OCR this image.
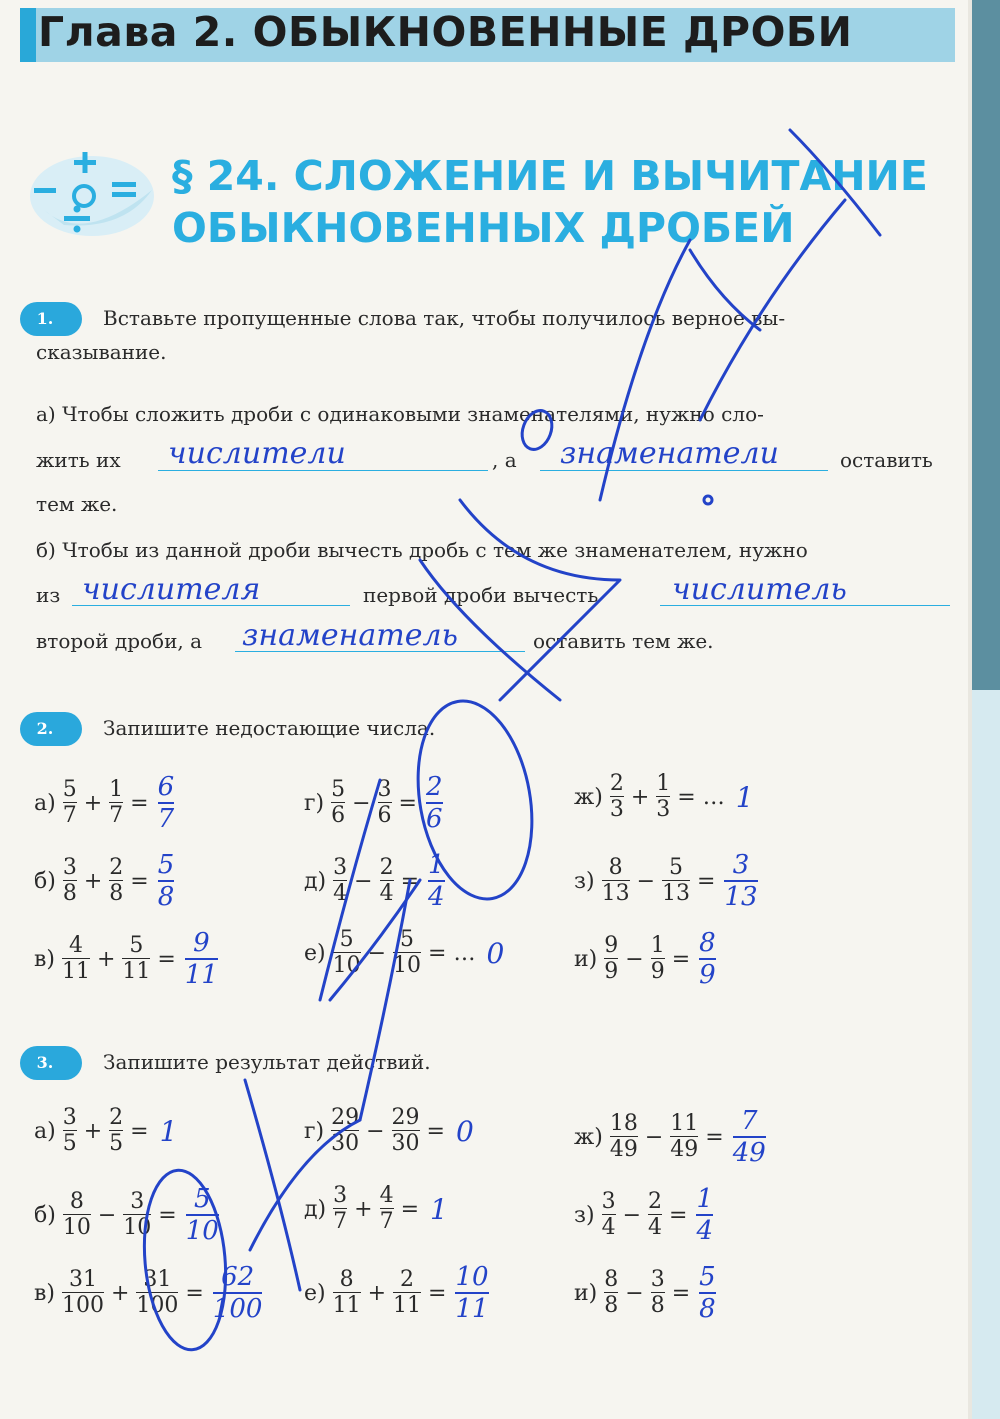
Глава 2. ОБЫКНОВЕННЫЕ ДРОБИ
§ 24. СЛОЖЕНИЕ И ВЫЧИТАНИЕ
ОБЫКНОВЕННЫХ ДРОБЕЙ
1.	Вставьте пропущенные слова так, чтобы получилось верное вы-
сказывание.
а) Чтобы сложить дроби с одинаковыми знаменателями, нужно сло-
жить их числители	, а знаменатели	оставить
тем же.
б) Чтобы из данной дроби вычесть дробь с тем же знаменателем, нужно
из числителя	первой дроби вычесть числитель
второй дроби, а знаменатель	оставить тем же.
2.	Запишите недостающие числа.
$а) \frac{5}{7} + \frac{1}{7}$ =
6
7
$б) \frac{3}{8} + \frac{2}{8}$ =
5
8
$в) \frac{4}{11} + \frac{5}{11}$ =
9
11
$г) \frac{5}{6} - \frac{3}{6}$ =
2
6
$д) \frac{3}{4} - \frac{2}{4}$ =
1
4
$е) \frac{5}{10} - \frac{5}{10}$ = … 0
$ж) \frac{2}{3} + \frac{1}{3}$ = … 1
$з) \frac{8}{13} - \frac{5}{13}$ =
3
13
$и) \frac{9}{9} - \frac{1}{9}$ =
8
9
3.	Запишите результат действий.
$а) \frac{3}{5} + \frac{2}{5} = 1$
$б) \frac{8}{10} - \frac{3}{10}$ =
5
10
$в) \frac{31}{100} + \frac{31}{100}$ =
62
100
$г) \frac{29}{30} - \frac{29}{30} = 0$
$д) \frac{3}{7} + \frac{4}{7} = 1$
$е) \frac{8}{11} + \frac{2}{11}$ =
10
11
$ж) \frac{18}{49} - \frac{11}{49}$ =
7
49
$з) \frac{3}{4} - \frac{2}{4}$ =
1
4
$и) \frac{8}{8} - \frac{3}{8}$ =
5
8
